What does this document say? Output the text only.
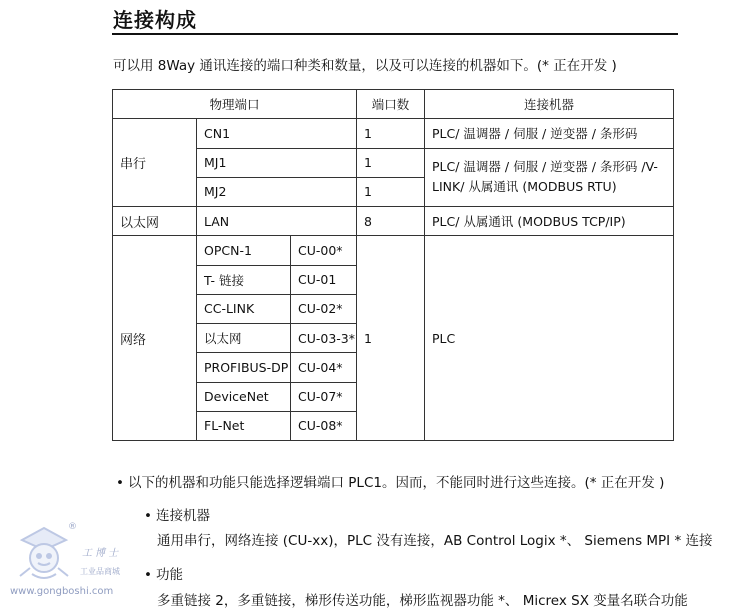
连接构成
可以用 8Way 通讯连接的端口种类和数量，以及可以连接的机器如下。(* 正在开发 )
物理端口			端口数	连接机器
串行	CN1		1	PLC/ 温调器 / 伺服 / 逆变器 / 条形码
	MJ1		1	PLC/ 温调器 / 伺服 / 逆变器 / 条形码 /V-LINK/ 从属通讯 (MODBUS RTU)
	MJ2		1	
以太网	LAN		8	PLC/ 从属通讯 (MODBUS TCP/IP)
网络	OPCN-1	CU-00*	1	PLC
	T- 链接	CU-01		
	CC-LINK	CU-02*		
	以太网	CU-03-3*		
	PROFIBUS-DP	CU-04*		
	DeviceNet	CU-07*		
	FL-Net	CU-08*		
• 以下的机器和功能只能选择逻辑端口 PLC1。因而，不能同时进行这些连接。(* 正在开发 )
• 连接机器
通用串行，网络连接 (CU-xx)，PLC 没有连接，AB Control Logix *、 Siemens MPI * 连接
• 功能
多重链接 2，多重链接，梯形传送功能，梯形监视器功能 *、 Micrex SX 变量名联合功能
®
工博士
工业品商城
www.gongboshi.com
